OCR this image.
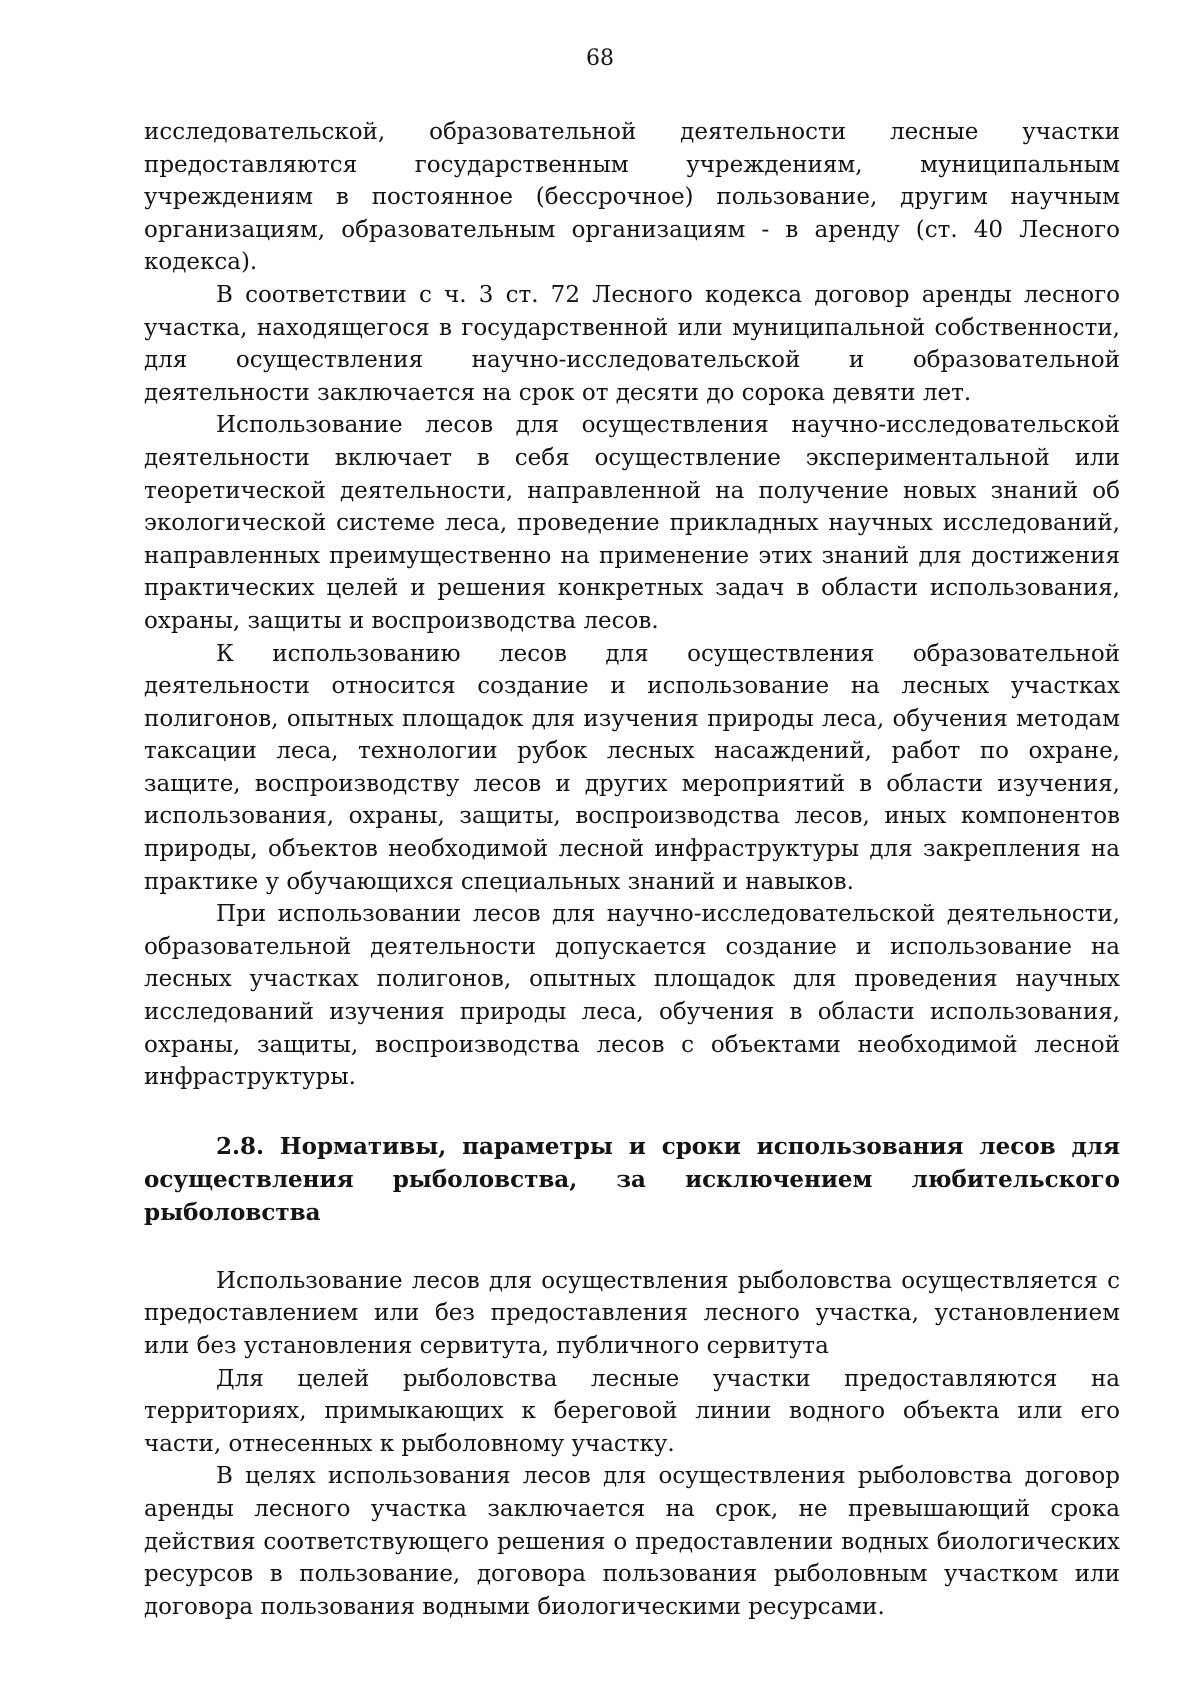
68

исследовательской, образовательной деятельности лесные участки предоставляются государственным учреждениям, муниципальным учреждениям в постоянное (бессрочное) пользование, другим научным организациям, образовательным организациям - в аренду (ст. 40 Лесного кодекса).

В соответствии с ч. 3 ст. 72 Лесного кодекса договор аренды лесного участка, находящегося в государственной или муниципальной собственности, для осуществления научно-исследовательской и образовательной деятельности заключается на срок от десяти до сорока девяти лет.

Использование лесов для осуществления научно-исследовательской деятельности включает в себя осуществление экспериментальной или теоретической деятельности, направленной на получение новых знаний об экологической системе леса, проведение прикладных научных исследований, направленных преимущественно на применение этих знаний для достижения практических целей и решения конкретных задач в области использования, охраны, защиты и воспроизводства лесов.

К использованию лесов для осуществления образовательной деятельности относится создание и использование на лесных участках полигонов, опытных площадок для изучения природы леса, обучения методам таксации леса, технологии рубок лесных насаждений, работ по охране, защите, воспроизводству лесов и других мероприятий в области изучения, использования, охраны, защиты, воспроизводства лесов, иных компонентов природы, объектов необходимой лесной инфраструктуры для закрепления на практике у обучающихся специальных знаний и навыков.

При использовании лесов для научно-исследовательской деятельности, образовательной деятельности допускается создание и использование на лесных участках полигонов, опытных площадок для проведения научных исследований изучения природы леса, обучения в области использования, охраны, защиты, воспроизводства лесов с объектами необходимой лесной инфраструктуры.

2.8. Нормативы, параметры и сроки использования лесов для осуществления рыболовства, за исключением любительского рыболовства

Использование лесов для осуществления рыболовства осуществляется с предоставлением или без предоставления лесного участка, установлением или без установления сервитута, публичного сервитута

Для целей рыболовства лесные участки предоставляются на территориях, примыкающих к береговой линии водного объекта или его части, отнесенных к рыболовному участку.

В целях использования лесов для осуществления рыболовства договор аренды лесного участка заключается на срок, не превышающий срока действия соответствующего решения о предоставлении водных биологических ресурсов в пользование, договора пользования рыболовным участком или договора пользования водными биологическими ресурсами.
